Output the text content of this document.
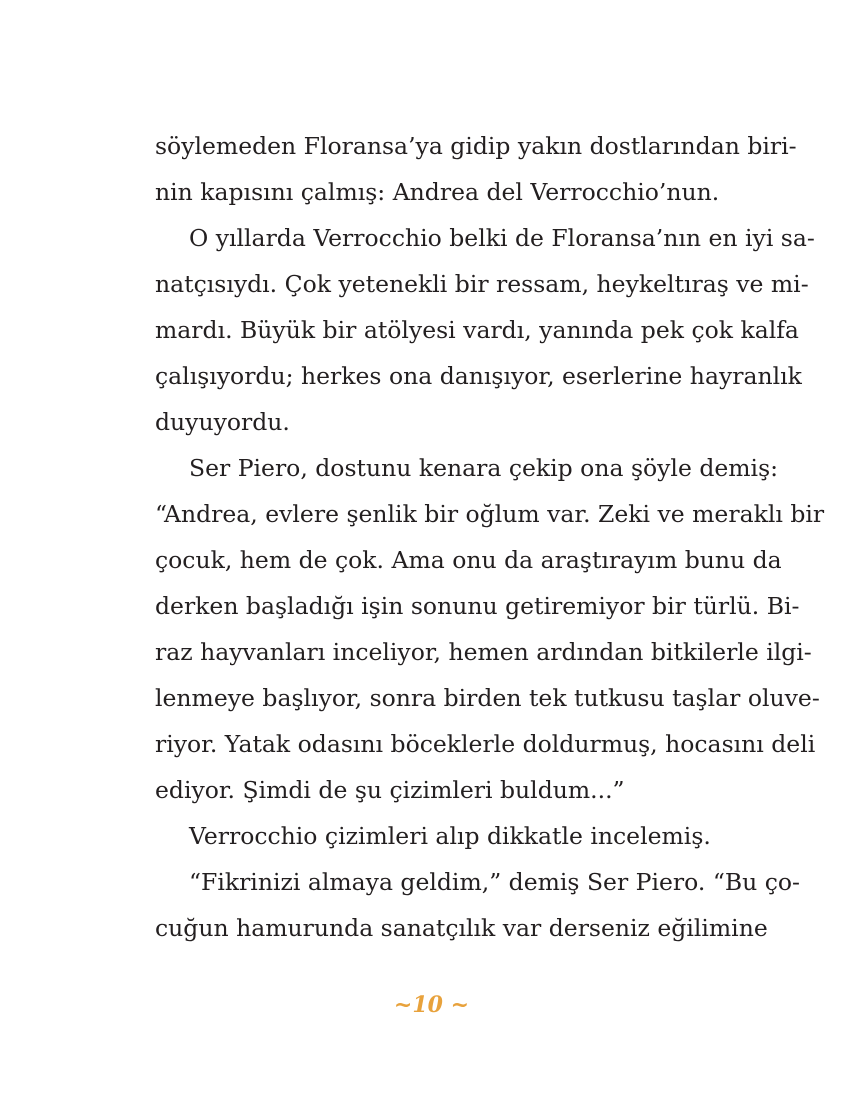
söylemeden Floransa’ya gidip yakın dostlarından biri-
nin kapısını çalmış: Andrea del Verrocchio’nun.
O yıllarda Verrocchio belki de Floransa’nın en iyi sa-
natçısıydı. Çok yetenekli bir ressam, heykeltıraş ve mi-
mardı. Büyük bir atölyesi vardı, yanında pek çok kalfa
çalışıyordu; herkes ona danışıyor, eserlerine hayranlık
duyuyordu.
Ser Piero, dostunu kenara çekip ona şöyle demiş:
“Andrea, evlere şenlik bir oğlum var. Zeki ve meraklı bir
çocuk, hem de çok. Ama onu da araştırayım bunu da
derken başladığı işin sonunu getiremiyor bir türlü. Bi-
raz hayvanları inceliyor, hemen ardından bitkilerle ilgi-
lenmeye başlıyor, sonra birden tek tutkusu taşlar oluve-
riyor. Yatak odasını böceklerle doldurmuş, hocasını deli
ediyor. Şimdi de şu çizimleri buldum...”
Verrocchio çizimleri alıp dikkatle incelemiş.
“Fikrinizi almaya geldim,” demiş Ser Piero. “Bu ço-
cuğun hamurunda sanatçılık var derseniz eğilimine
~10 ~
